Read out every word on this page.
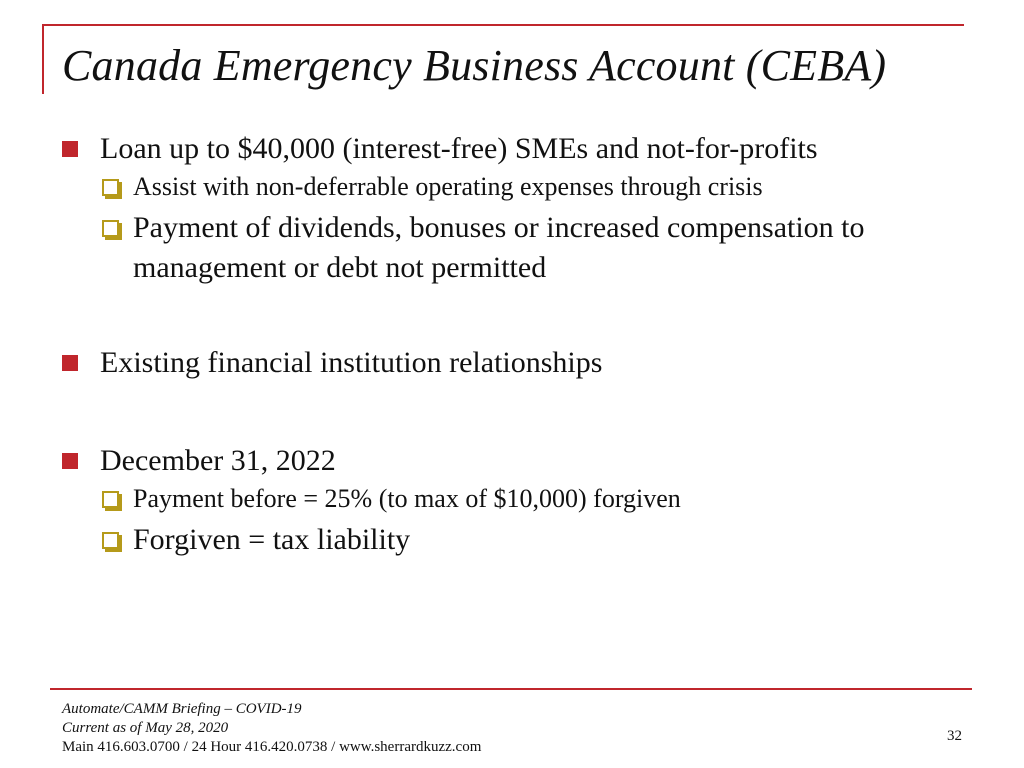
Canada Emergency Business Account (CEBA)
Loan up to $40,000 (interest-free) SMEs and not-for-profits
Assist with non-deferrable operating expenses through crisis
Payment of dividends, bonuses or increased compensation to management or debt not permitted
Existing financial institution relationships
December 31, 2022
Payment before = 25% (to max of $10,000) forgiven
Forgiven = tax liability
Automate/CAMM Briefing – COVID-19
Current as of May 28, 2020
Main 416.603.0700 / 24 Hour 416.420.0738 / www.sherrardkuzz.com
32
